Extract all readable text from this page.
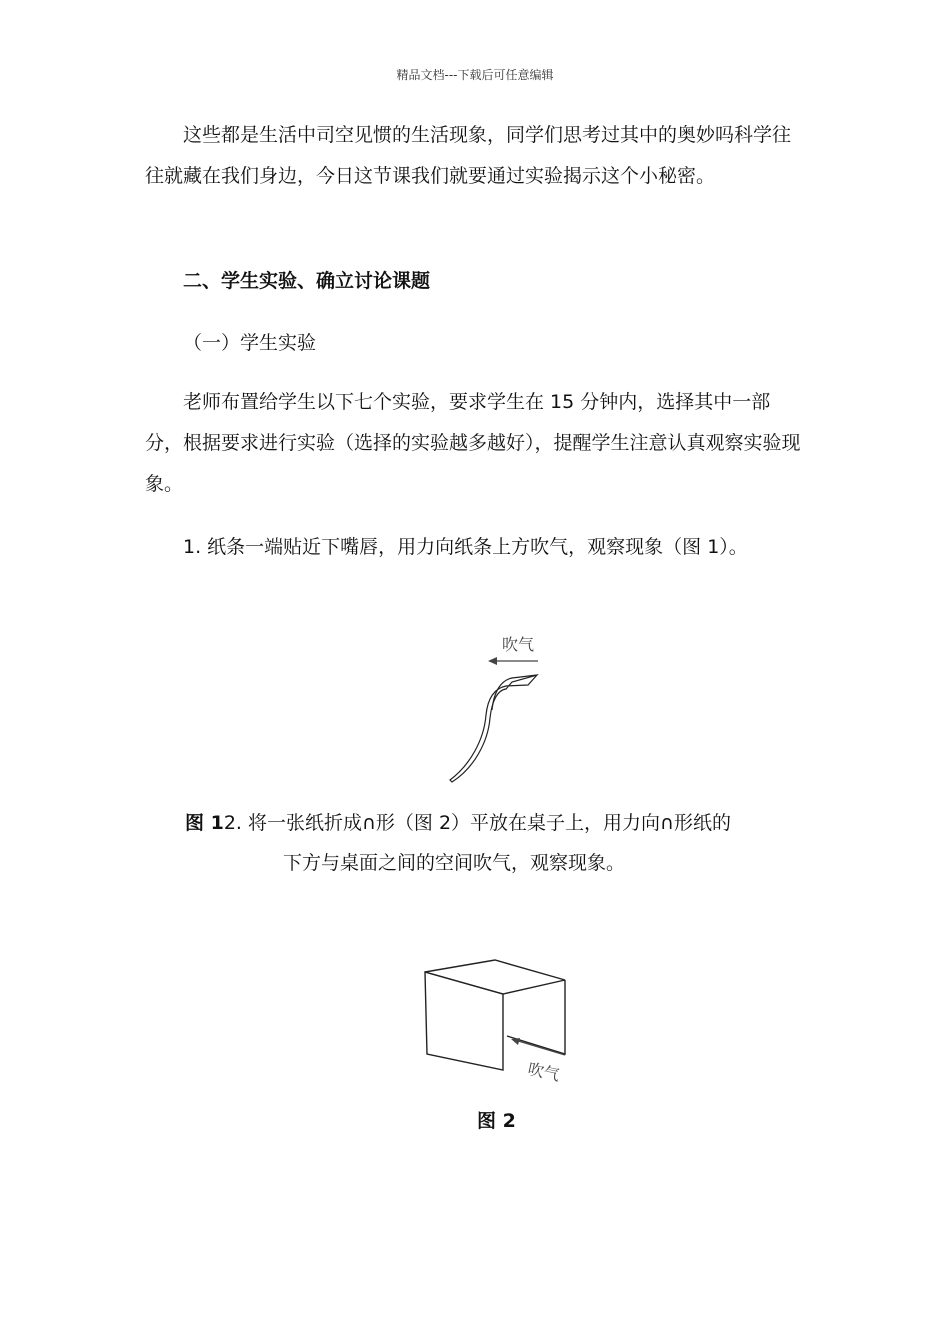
精品文档---下载后可任意编辑

这些都是生活中司空见惯的生活现象，同学们思考过其中的奥妙吗科学往往就藏在我们身边，今日这节课我们就要通过实验揭示这个小秘密。

二、学生实验、确立讨论课题

（一）学生实验

老师布置给学生以下七个实验，要求学生在 15 分钟内，选择其中一部分，根据要求进行实验（选择的实验越多越好），提醒学生注意认真观察实验现象。

1. 纸条一端贴近下嘴唇，用力向纸条上方吹气，观察现象（图 1）。

吹气
图 12. 将一张纸折成∩形（图 2）平放在桌子上，用力向∩形纸的
下方与桌面之间的空间吹气，观察现象。
吹气
图 2
